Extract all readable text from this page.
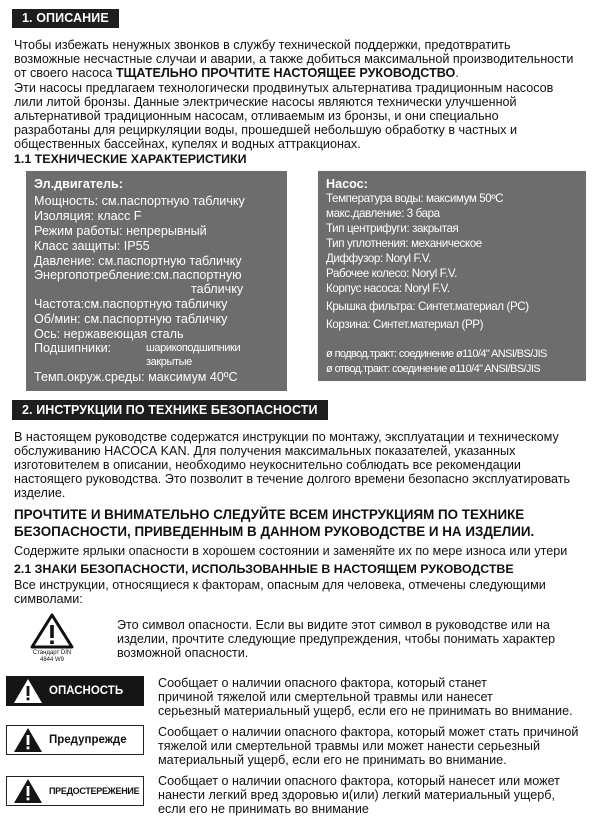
1. ОПИСАНИЕ
Чтобы избежать ненужных звонков в службу технической поддержки, предотвратить
возможные несчастные случаи и аварии, а также добиться максимальной производительности
от своего насоса ТЩАТЕЛЬНО ПРОЧТИТЕ НАСТОЯЩЕЕ РУКОВОДСТВО.
Эти насосы предлагаем технологически продвинутых альтернатива традиционным насосов
лили литой бронзы. Данные электрические насосы являются технически улучшенной
альтернативой традиционным насосам, отливаемым из бронзы, и они специально
разработаны для рециркуляции воды, прошедшей небольшую обработку в частных и
общественных бассейнах, купелях и водных аттракционах.
1.1 ТЕХНИЧЕСКИЕ ХАРАКТЕРИСТИКИ
Эл.двигатель:
Мощность: см.паспортную табличку
Изоляция: класс F
Режим работы: непрерывный
Класс защиты: IP55
Давление: см.паспортную табличку
Энергопотребление:см.паспортную
табличку
Частота:см.паспортную табличку
Об/мин: см.паспортную табличку
Ось: нержавеющая сталь
Подшипники:	шарикоподшипники
закрытые
Темп.окруж.среды: максимум 40ºC
Насос:
Температура воды: максимум 50ºC
макс.давление: 3 бара
Тип центрифуги: закрытая
Тип уплотнения: механическое
Диффузор: Noryl F.V.
Рабочее колесо: Noryl F.V.
Корпус насоса: Noryl F.V.
Крышка фильтра: Синтет.материал (PC)
Корзина: Синтет.материал (PP)
ø подвод.тракт: соединение ø110/4" ANSI/BS/JIS
ø отвод.тракт: соединение ø110/4" ANSI/BS/JIS
2. ИНСТРУКЦИИ ПО ТЕХНИКЕ БЕЗОПАСНОСТИ
В настоящем руководстве содержатся инструкции по монтажу, эксплуатации и техническому
обслуживанию НАСОСА KAN. Для получения максимальных показателей, указанных
изготовителем в описании, необходимо неукоснительно соблюдать все рекомендации
настоящего руководства. Это позволит в течение долгого времени безопасно эксплуатировать
изделие.
ПРОЧТИТЕ И ВНИМАТЕЛЬНО СЛЕДУЙТЕ ВСЕМ ИНСТРУКЦИЯМ ПО ТЕХНИКЕ
БЕЗОПАСНОСТИ, ПРИВЕДЕННЫМ В ДАННОМ РУКОВОДСТВЕ И НА ИЗДЕЛИИ.
Содержите ярлыки опасности в хорошем состоянии и заменяйте их по мере износа или утери
2.1 ЗНАКИ БЕЗОПАСНОСТИ, ИСПОЛЬЗОВАННЫЕ В НАСТОЯЩЕМ РУКОВОДСТВЕ
Все инструкции, относящиеся к факторам, опасным для человека, отмечены следующими
символами:
Стандарт DIN
4844 W9
Это символ опасности. Если вы видите этот символ в руководстве или на
изделии, прочтите следующие предупреждения, чтобы понимать характер
возможной опасности.
ОПАСНОСТЬ
Сообщает о наличии опасного фактора, который станет
причиной тяжелой или смертельной травмы или нанесет
серьезный материальный ущерб, если его не принимать во внимание.
Предупрежде
Сообщает о наличии опасного фактора, который может стать причиной
тяжелой или смертельной травмы или может нанести серьезный
материальный ущерб, если его не принимать во внимание.
ПРЕДОСТЕРЕЖЕНИЕ
Сообщает о наличии опасного фактора, который нанесет или может
нанести легкий вред здоровью и(или) легкий материальный ущерб,
если его не принимать во внимание
